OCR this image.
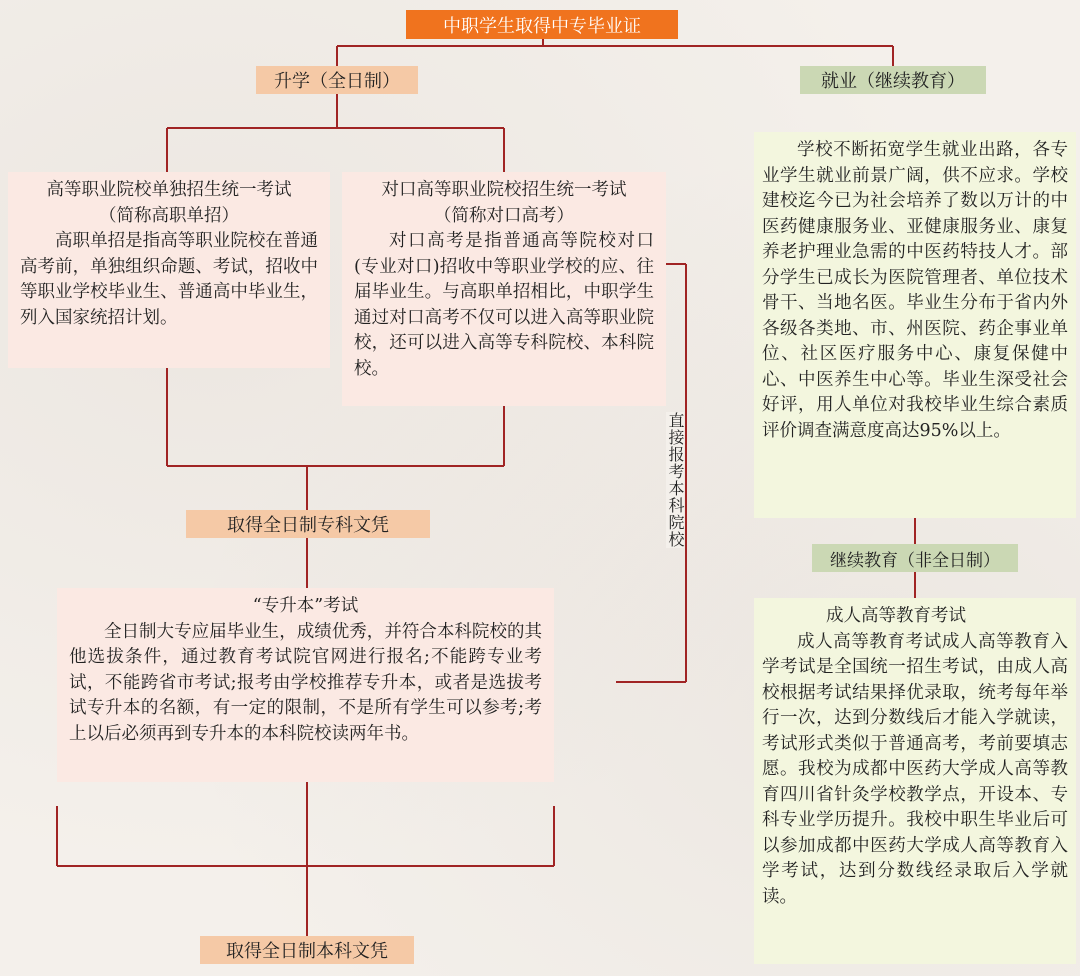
中职学生取得中专毕业证
升学（全日制）	就业（继续教育）
高等职业院校单独招生统一考试
（简称高职单招）
高职单招是指高等职业院校在普通高考前，单独组织命题、考试，招收中等职业学校毕业生、普通高中毕业生，列入国家统招计划。
对口高等职业院校招生统一考试
（简称对口高考）
对口高考是指普通高等院校对口(专业对口)招收中等职业学校的应、往届毕业生。与高职单招相比，中职学生通过对口高考不仅可以进入高等职业院校，还可以进入高等专科院校、本科院校。
直接报考本科院校
取得全日制专科文凭
“专升本”考试
全日制大专应届毕业生，成绩优秀，并符合本科院校的其他选拔条件，通过教育考试院官网进行报名;不能跨专业考试，不能跨省市考试;报考由学校推荐专升本，或者是选拔考试专升本的名额，有一定的限制，不是所有学生可以参考;考上以后必须再到专升本的本科院校读两年书。
取得全日制本科文凭
学校不断拓宽学生就业出路，各专业学生就业前景广阔，供不应求。学校建校迄今已为社会培养了数以万计的中医药健康服务业、亚健康服务业、康复养老护理业急需的中医药特技人才。部分学生已成长为医院管理者、单位技术骨干、当地名医。毕业生分布于省内外各级各类地、市、州医院、药企事业单位、社区医疗服务中心、康复保健中心、中医养生中心等。毕业生深受社会好评，用人单位对我校毕业生综合素质评价调查满意度高达95%以上。
继续教育（非全日制）
成人高等教育考试
成人高等教育考试成人高等教育入学考试是全国统一招生考试，由成人高校根据考试结果择优录取，统考每年举行一次，达到分数线后才能入学就读，考试形式类似于普通高考，考前要填志愿。我校为成都中医药大学成人高等教育四川省针灸学校教学点，开设本、专科专业学历提升。我校中职生毕业后可以参加成都中医药大学成人高等教育入学考试，达到分数线经录取后入学就读。
